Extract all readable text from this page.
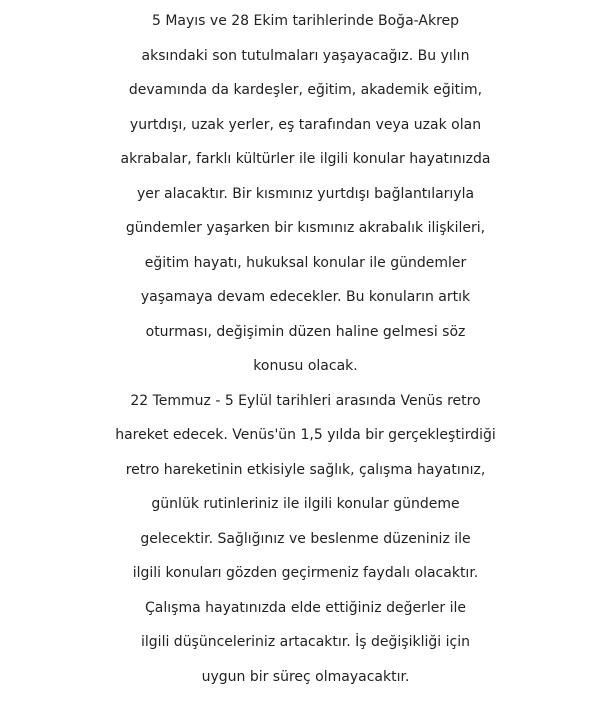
5 Mayıs ve 28 Ekim tarihlerinde Boğa-Akrep
aksındaki son tutulmaları yaşayacağız. Bu yılın
devamında da kardeşler, eğitim, akademik eğitim,
yurtdışı, uzak yerler, eş tarafından veya uzak olan
akrabalar, farklı kültürler ile ilgili konular hayatınızda
yer alacaktır. Bir kısmınız yurtdışı bağlantılarıyla
gündemler yaşarken bir kısmınız akrabalık ilişkileri,
eğitim hayatı, hukuksal konular ile gündemler
yaşamaya devam edecekler. Bu konuların artık
oturması, değişimin düzen haline gelmesi söz
konusu olacak.
22 Temmuz - 5 Eylül tarihleri arasında Venüs retro
hareket edecek. Venüs'ün 1,5 yılda bir gerçekleştirdiği
retro hareketinin etkisiyle sağlık, çalışma hayatınız,
günlük rutinleriniz ile ilgili konular gündeme
gelecektir. Sağlığınız ve beslenme düzeniniz ile
ilgili konuları gözden geçirmeniz faydalı olacaktır.
Çalışma hayatınızda elde ettiğiniz değerler ile
ilgili düşünceleriniz artacaktır. İş değişikliği için
uygun bir süreç olmayacaktır.
